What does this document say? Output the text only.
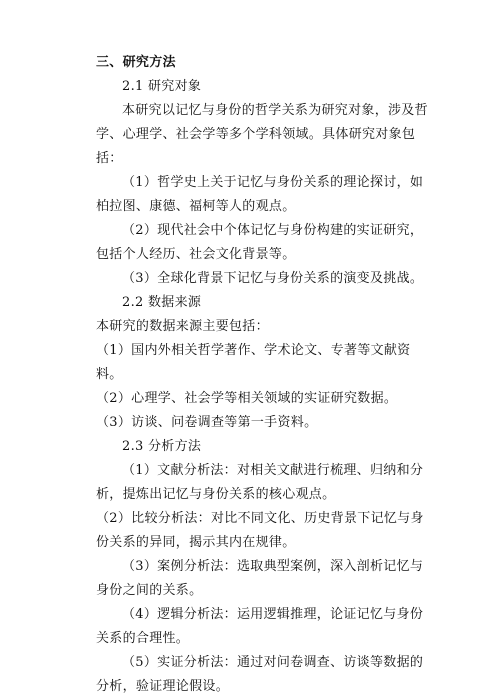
三、研究方法

2.1 研究对象

本研究以记忆与身份的哲学关系为研究对象，涉及哲学、心理学、社会学等多个学科领域。具体研究对象包括：

（1）哲学史上关于记忆与身份关系的理论探讨，如柏拉图、康德、福柯等人的观点。

（2）现代社会中个体记忆与身份构建的实证研究，包括个人经历、社会文化背景等。

（3）全球化背景下记忆与身份关系的演变及挑战。

2.2 数据来源

本研究的数据来源主要包括：

（1）国内外相关哲学著作、学术论文、专著等文献资料。

（2）心理学、社会学等相关领域的实证研究数据。

（3）访谈、问卷调查等第一手资料。

2.3 分析方法

（1）文献分析法：对相关文献进行梳理、归纳和分析，提炼出记忆与身份关系的核心观点。

（2）比较分析法：对比不同文化、历史背景下记忆与身份关系的异同，揭示其内在规律。

（3）案例分析法：选取典型案例，深入剖析记忆与身份之间的关系。

（4）逻辑分析法：运用逻辑推理，论证记忆与身份关系的合理性。

（5）实证分析法：通过对问卷调查、访谈等数据的分析，验证理论假设。
